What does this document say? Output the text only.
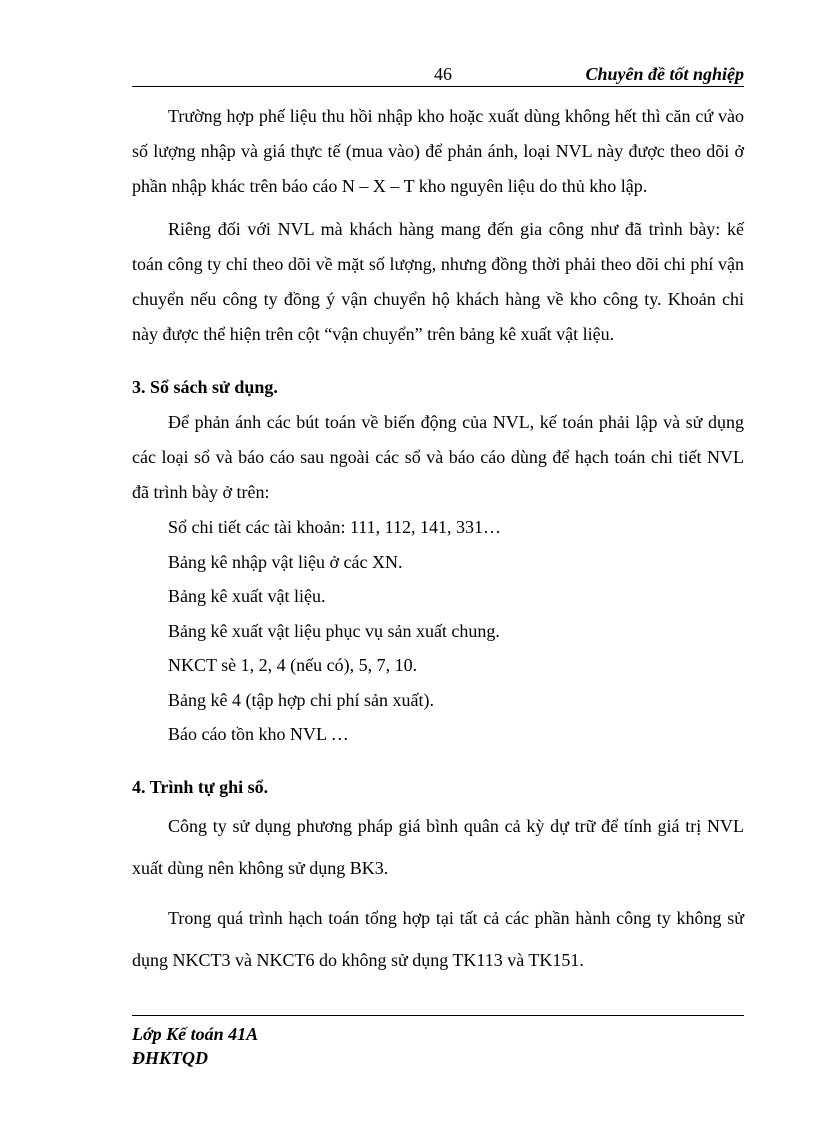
46	Chuyên đề tốt nghiệp

Trường hợp phế liệu thu hồi nhập kho hoặc xuất dùng không hết thì căn cứ vào số lượng nhập và giá thực tế (mua vào) để phản ánh, loại NVL này được theo dõi ở phần nhập khác trên báo cáo N – X – T kho nguyên liệu do thủ kho lập.

Riêng đối với NVL mà khách hàng mang đến gia công như đã trình bày: kế toán công ty chỉ theo dõi về mặt số lượng, nhưng đồng thời phải theo dõi chi phí vận chuyển nếu công ty đồng ý vận chuyển hộ khách hàng về kho công ty. Khoản chi này được thể hiện trên cột “vận chuyển” trên bảng kê xuất vật liệu.

3. Sổ sách sử dụng.

Để phản ánh các bút toán về biến động của NVL, kế toán phải lập và sử dụng các loại sổ và báo cáo sau ngoài các sổ và báo cáo dùng để hạch toán chi tiết NVL đã trình bày ở trên:

Sổ chi tiết các tài khoản: 111, 112, 141, 331…

Bảng kê nhập vật liệu ở các XN.

Bảng kê xuất vật liệu.

Bảng kê xuất vật liệu phục vụ sản xuất chung.

NKCT sè 1, 2, 4 (nếu có), 5, 7, 10.

Bảng kê 4 (tập hợp chi phí sản xuất).

Báo cáo tồn kho NVL …

4. Trình tự ghi sổ.

Công ty sử dụng phương pháp giá bình quân cả kỳ dự trữ để tính giá trị NVL xuất dùng nên không sử dụng BK3.

Trong quá trình hạch toán tổng hợp tại tất cả các phần hành công ty không sử dụng NKCT3 và NKCT6 do không sử dụng TK113 và TK151.

Lớp Kế toán 41A
ĐHKTQD
